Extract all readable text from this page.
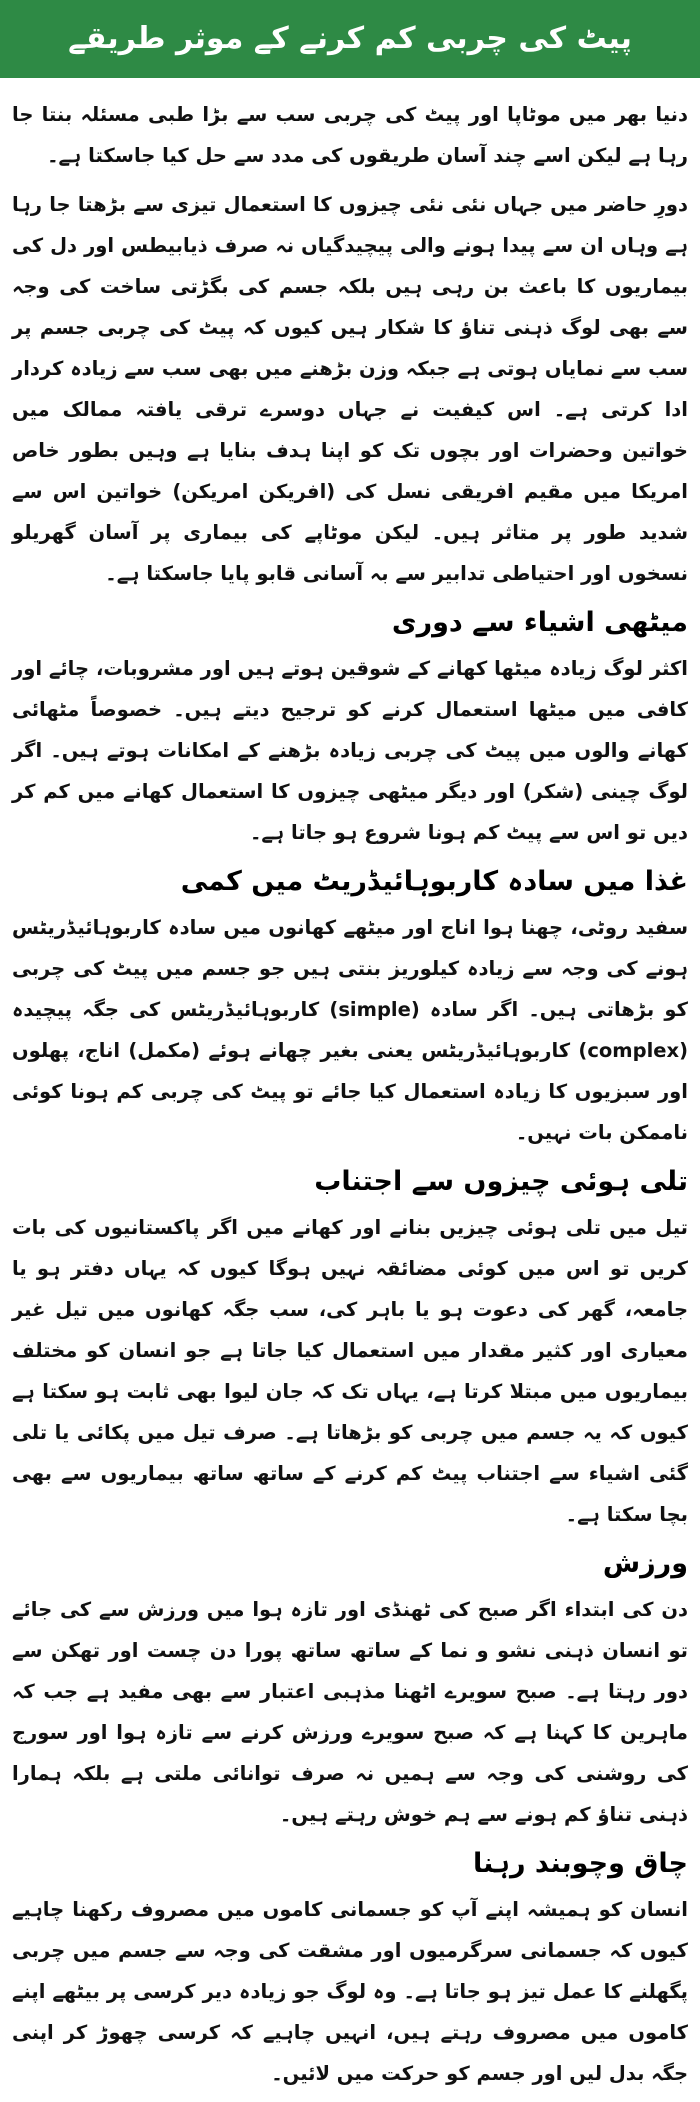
پیٹ کی چربی کم کرنے کے موثر طریقے

دنیا بھر میں موٹاپا اور پیٹ کی چربی سب سے بڑا طبی مسئلہ بنتا جا رہا ہے لیکن اسے چند آسان طریقوں کی مدد سے حل کیا جاسکتا ہے۔

دورِ حاضر میں جہاں نئی نئی چیزوں کا استعمال تیزی سے بڑھتا جا رہا ہے وہاں ان سے پیدا ہونے والی پیچیدگیاں نہ صرف ذیابیطس اور دل کی بیماریوں کا باعث بن رہی ہیں بلکہ جسم کی بگڑتی ساخت کی وجہ سے بھی لوگ ذہنی تناؤ کا شکار ہیں کیوں کہ پیٹ کی چربی جسم پر سب سے نمایاں ہوتی ہے جبکہ وزن بڑھنے میں بھی سب سے زیادہ کردار ادا کرتی ہے۔ اس کیفیت نے جہاں دوسرے ترقی یافتہ ممالک میں خواتین وحضرات اور بچوں تک کو اپنا ہدف بنایا ہے وہیں بطور خاص امریکا میں مقیم افریقی نسل کی (افریکن امریکن) خواتین اس سے شدید طور پر متاثر ہیں۔ لیکن موٹاپے کی بیماری پر آسان گھریلو نسخوں اور احتیاطی تدابیر سے بہ آسانی قابو پایا جاسکتا ہے۔

میٹھی اشیاء سے دوری

اکثر لوگ زیادہ میٹھا کھانے کے شوقین ہوتے ہیں اور مشروبات، چائے اور کافی میں میٹھا استعمال کرنے کو ترجیح دیتے ہیں۔ خصوصاً مٹھائی کھانے والوں میں پیٹ کی چربی زیادہ بڑھنے کے امکانات ہوتے ہیں۔ اگر لوگ چینی (شکر) اور دیگر میٹھی چیزوں کا استعمال کھانے میں کم کر دیں تو اس سے پیٹ کم ہونا شروع ہو جاتا ہے۔

غذا میں سادہ کاربوہائیڈریٹ میں کمی

سفید روٹی، چھنا ہوا اناج اور میٹھے کھانوں میں سادہ کاربوہائیڈریٹس ہونے کی وجہ سے زیادہ کیلوریز بنتی ہیں جو جسم میں پیٹ کی چربی کو بڑھاتی ہیں۔ اگر سادہ (simple) کاربوہائیڈریٹس کی جگہ پیچیدہ (complex) کاربوہائیڈریٹس یعنی بغیر چھانے ہوئے (مکمل) اناج، پھلوں اور سبزیوں کا زیادہ استعمال کیا جائے تو پیٹ کی چربی کم ہونا کوئی ناممکن بات نہیں۔

تلی ہوئی چیزوں سے اجتناب

تیل میں تلی ہوئی چیزیں بنانے اور کھانے میں اگر پاکستانیوں کی بات کریں تو اس میں کوئی مضائقہ نہیں ہوگا کیوں کہ یہاں دفتر ہو یا جامعہ، گھر کی دعوت ہو یا باہر کی، سب جگہ کھانوں میں تیل غیر معیاری اور کثیر مقدار میں استعمال کیا جاتا ہے جو انسان کو مختلف بیماریوں میں مبتلا کرتا ہے، یہاں تک کہ جان لیوا بھی ثابت ہو سکتا ہے کیوں کہ یہ جسم میں چربی کو بڑھاتا ہے۔ صرف تیل میں پکائی یا تلی گئی اشیاء سے اجتناب پیٹ کم کرنے کے ساتھ ساتھ بیماریوں سے بھی بچا سکتا ہے۔

ورزش

دن کی ابتداء اگر صبح کی ٹھنڈی اور تازہ ہوا میں ورزش سے کی جائے تو انسان ذہنی نشو و نما کے ساتھ ساتھ پورا دن چست اور تھکن سے دور رہتا ہے۔ صبح سویرے اٹھنا مذہبی اعتبار سے بھی مفید ہے جب کہ ماہرین کا کہنا ہے کہ صبح سویرے ورزش کرنے سے تازہ ہوا اور سورج کی روشنی کی وجہ سے ہمیں نہ صرف توانائی ملتی ہے بلکہ ہمارا ذہنی تناؤ کم ہونے سے ہم خوش رہتے ہیں۔

چاق وچوبند رہنا

انسان کو ہمیشہ اپنے آپ کو جسمانی کاموں میں مصروف رکھنا چاہیے کیوں کہ جسمانی سرگرمیوں اور مشقت کی وجہ سے جسم میں چربی پگھلنے کا عمل تیز ہو جاتا ہے۔ وہ لوگ جو زیادہ دیر کرسی پر بیٹھے اپنے کاموں میں مصروف رہتے ہیں، انہیں چاہیے کہ کرسی چھوڑ کر اپنی جگہ بدل لیں اور جسم کو حرکت میں لائیں۔
